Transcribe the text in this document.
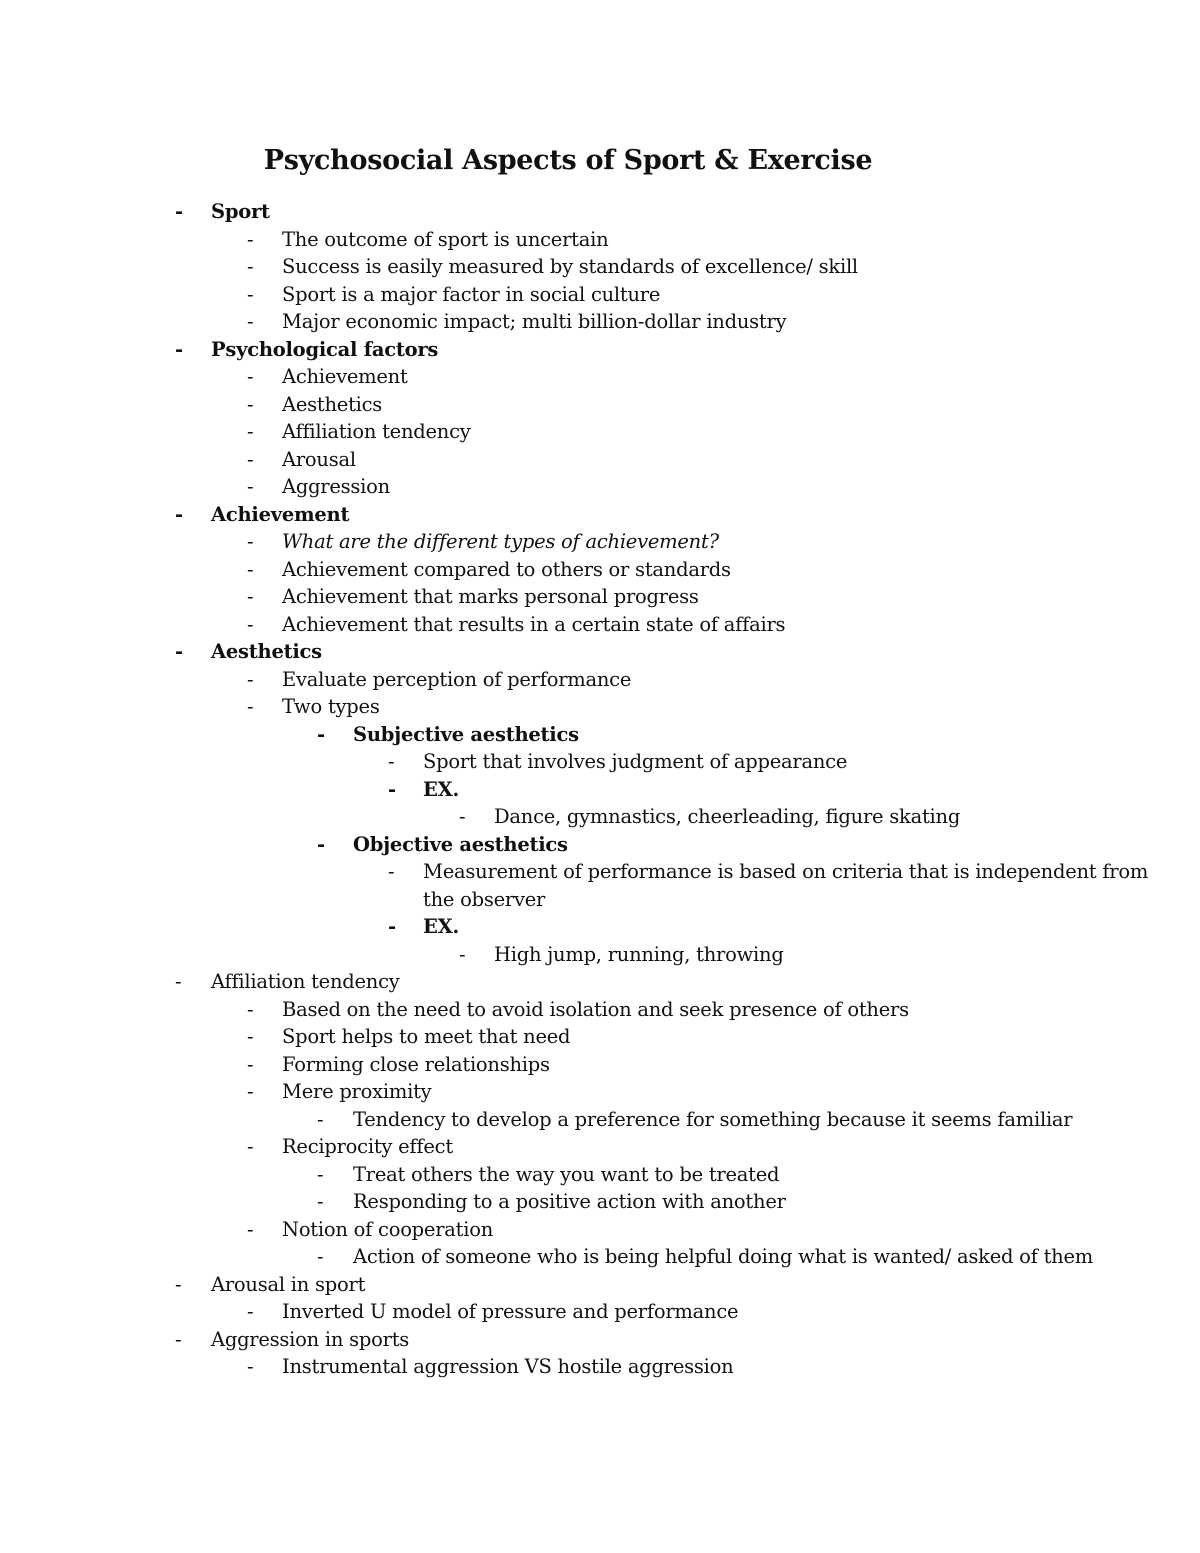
Psychosocial Aspects of Sport & Exercise
-	Sport
-	The outcome of sport is uncertain
-	Success is easily measured by standards of excellence/ skill
-	Sport is a major factor in social culture
-	Major economic impact; multi billion-dollar industry
-	Psychological factors
-	Achievement
-	Aesthetics
-	Affiliation tendency
-	Arousal
-	Aggression
-	Achievement
-	What are the different types of achievement?
-	Achievement compared to others or standards
-	Achievement that marks personal progress
-	Achievement that results in a certain state of affairs
-	Aesthetics
-	Evaluate perception of performance
-	Two types
-	Subjective aesthetics
-	Sport that involves judgment of appearance
-	EX.
-	Dance, gymnastics, cheerleading, figure skating
-	Objective aesthetics
-	Measurement of performance is based on criteria that is independent from
the observer
-	EX.
-	High jump, running, throwing
-	Affiliation tendency
-	Based on the need to avoid isolation and seek presence of others
-	Sport helps to meet that need
-	Forming close relationships
-	Mere proximity
-	Tendency to develop a preference for something because it seems familiar
-	Reciprocity effect
-	Treat others the way you want to be treated
-	Responding to a positive action with another
-	Notion of cooperation
-	Action of someone who is being helpful doing what is wanted/ asked of them
-	Arousal in sport
-	Inverted U model of pressure and performance
-	Aggression in sports
-	Instrumental aggression VS hostile aggression
